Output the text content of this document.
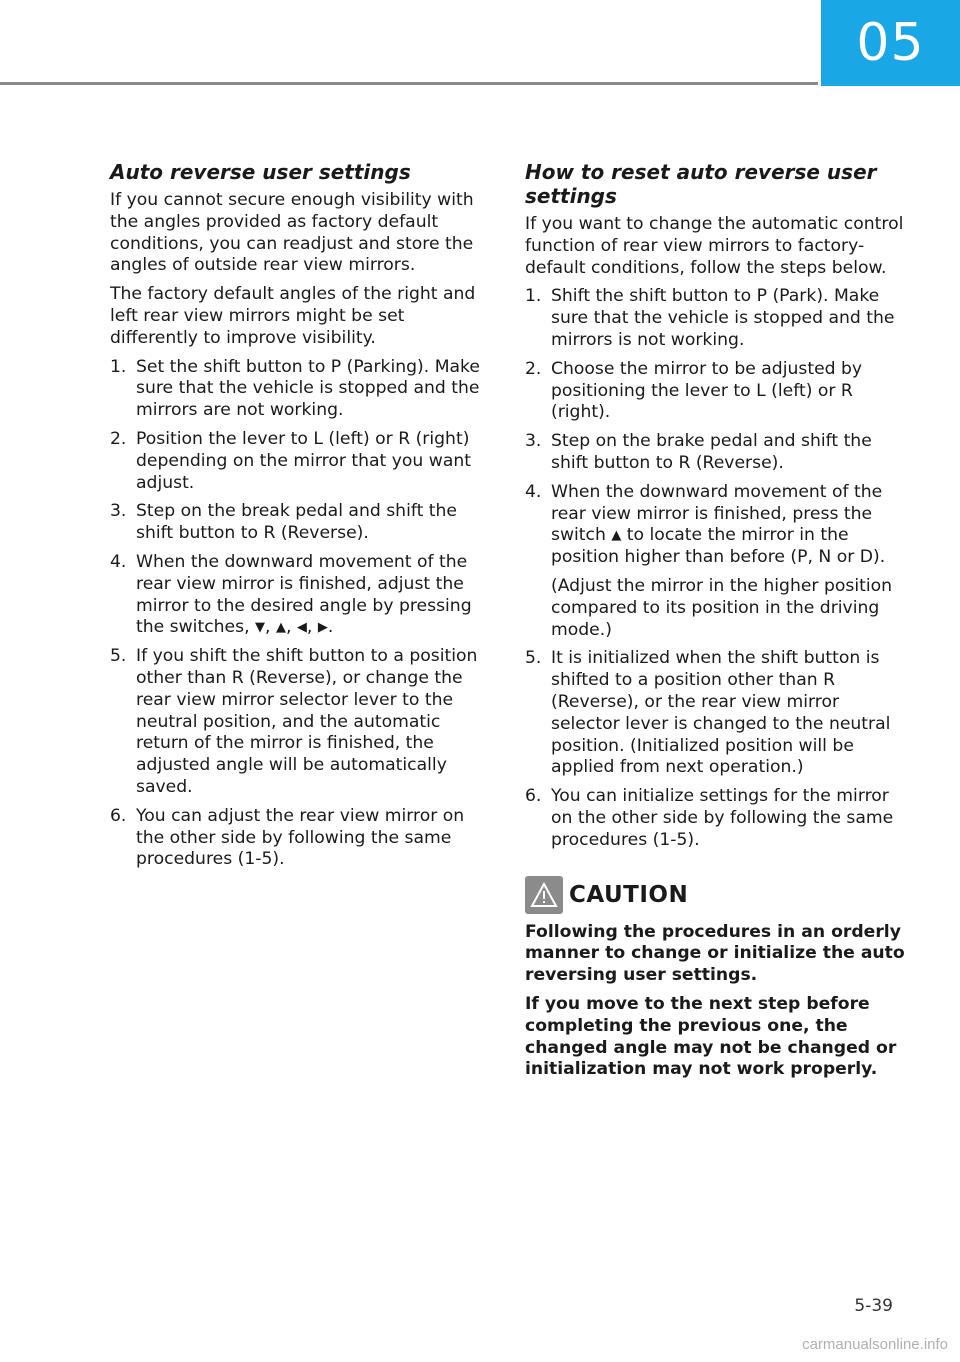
05
Auto reverse user settings

If you cannot secure enough visibility with the angles provided as factory default conditions, you can readjust and store the angles of outside rear view mirrors.

The factory default angles of the right and left rear view mirrors might be set differently to improve visibility.

1. Set the shift button to P (Parking). Make sure that the vehicle is stopped and the mirrors are not working.
2. Position the lever to L (left) or R (right) depending on the mirror that you want adjust.
3. Step on the break pedal and shift the shift button to R (Reverse).
4. When the downward movement of the rear view mirror is finished, adjust the mirror to the desired angle by pressing the switches, ▼, ▲, ◀, ▶.
5. If you shift the shift button to a position other than R (Reverse), or change the rear view mirror selector lever to the neutral position, and the automatic return of the mirror is finished, the adjusted angle will be automatically saved.
6. You can adjust the rear view mirror on the other side by following the same procedures (1-5).
How to reset auto reverse user settings

If you want to change the automatic control function of rear view mirrors to factory-default conditions, follow the steps below.

1. Shift the shift button to P (Park). Make sure that the vehicle is stopped and the mirrors is not working.
2. Choose the mirror to be adjusted by positioning the lever to L (left) or R (right).
3. Step on the brake pedal and shift the shift button to R (Reverse).
4. When the downward movement of the rear view mirror is finished, press the switch ▲ to locate the mirror in the position higher than before (P, N or D).
(Adjust the mirror in the higher position compared to its position in the driving mode.)
5. It is initialized when the shift button is shifted to a position other than R (Reverse), or the rear view mirror selector lever is changed to the neutral position. (Initialized position will be applied from next operation.)
6. You can initialize settings for the mirror on the other side by following the same procedures (1-5).
CAUTION

Following the procedures in an orderly manner to change or initialize the auto reversing user settings.

If you move to the next step before completing the previous one, the changed angle may not be changed or initialization may not work properly.

5-39
carmanualsonline.info
